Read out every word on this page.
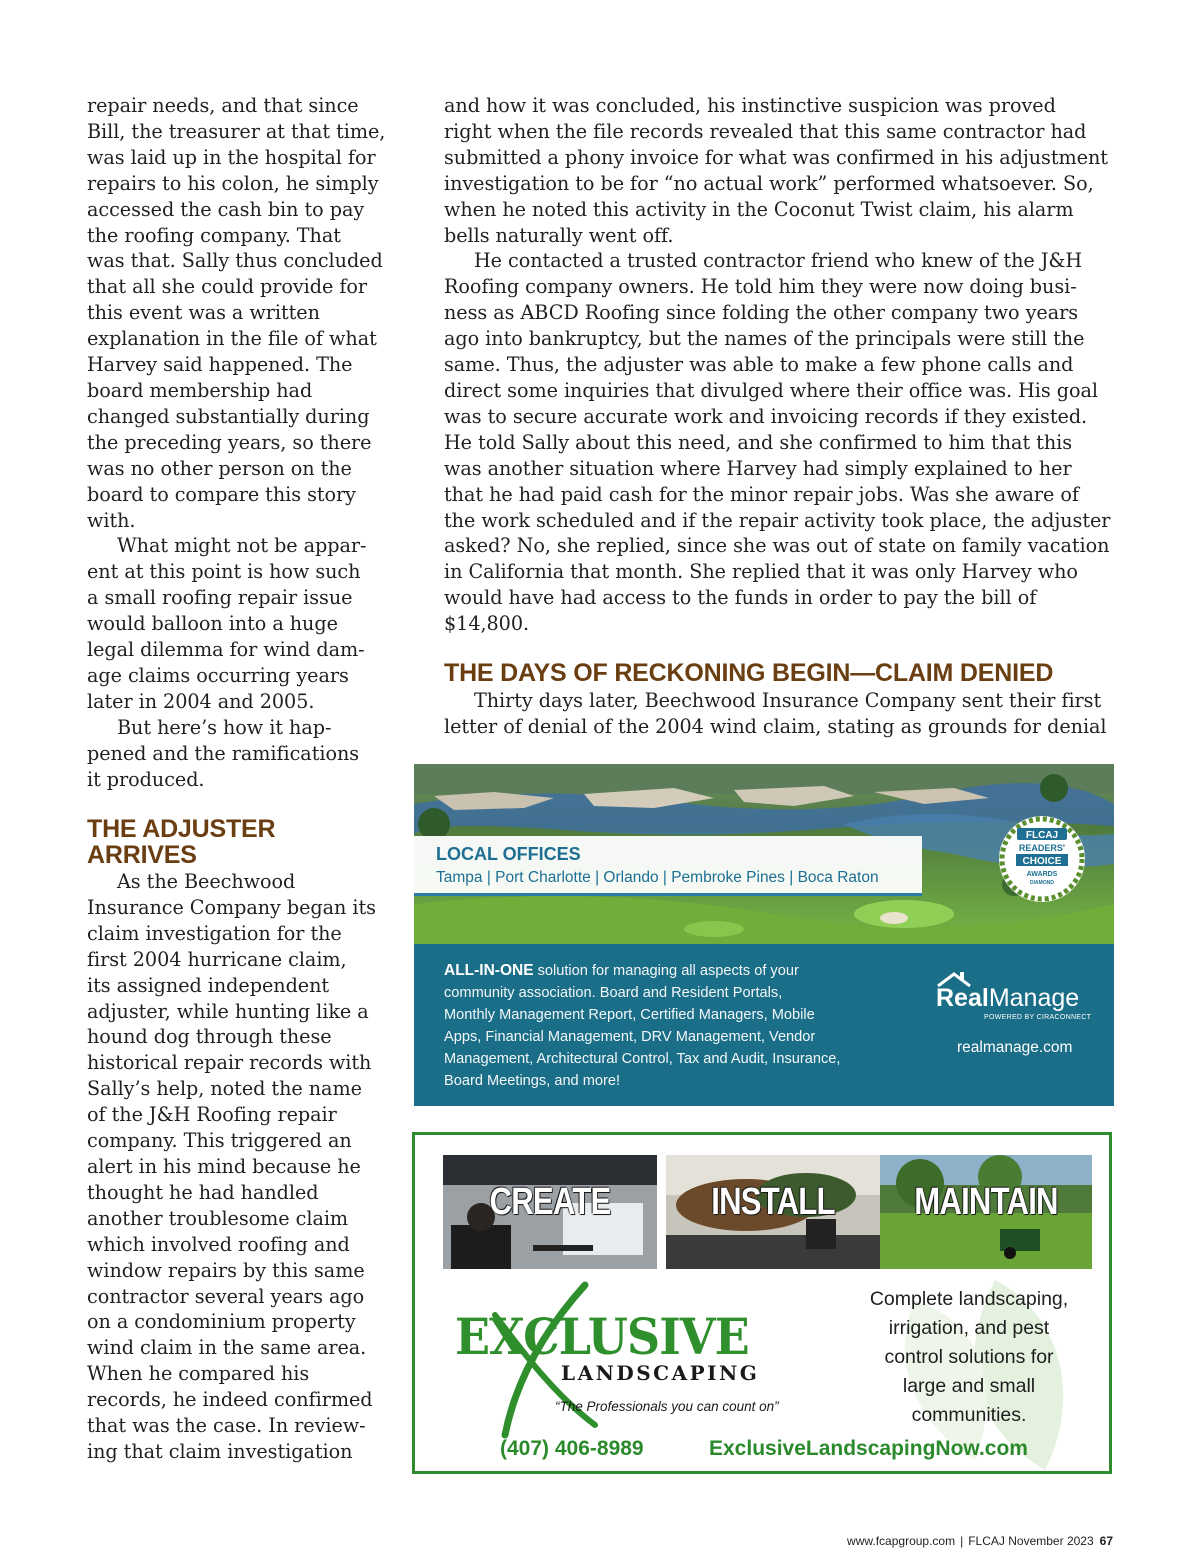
repair needs, and that since
Bill, the treasurer at that time,
was laid up in the hospital for
repairs to his colon, he simply
accessed the cash bin to pay
the roofing company. That
was that. Sally thus concluded
that all she could provide for
this event was a written
explanation in the file of what
Harvey said happened. The
board membership had
changed substantially during
the preceding years, so there
was no other person on the
board to compare this story
with.
What might not be appar-
ent at this point is how such
a small roofing repair issue
would balloon into a huge
legal dilemma for wind dam-
age claims occurring years
later in 2004 and 2005.
But here’s how it hap-
pened and the ramifications
it produced.
THE ADJUSTER
ARRIVES
As the Beechwood
Insurance Company began its
claim investigation for the
first 2004 hurricane claim,
its assigned independent
adjuster, while hunting like a
hound dog through these
historical repair records with
Sally’s help, noted the name
of the J&H Roofing repair
company. This triggered an
alert in his mind because he
thought he had handled
another troublesome claim
which involved roofing and
window repairs by this same
contractor several years ago
on a condominium property
wind claim in the same area.
When he compared his
records, he indeed confirmed
that was the case. In review-
ing that claim investigation
and how it was concluded, his instinctive suspicion was proved
right when the file records revealed that this same contractor had
submitted a phony invoice for what was confirmed in his adjustment
investigation to be for “no actual work” performed whatsoever. So,
when he noted this activity in the Coconut Twist claim, his alarm
bells naturally went off.
He contacted a trusted contractor friend who knew of the J&H
Roofing company owners. He told him they were now doing busi-
ness as ABCD Roofing since folding the other company two years
ago into bankruptcy, but the names of the principals were still the
same. Thus, the adjuster was able to make a few phone calls and
direct some inquiries that divulged where their office was. His goal
was to secure accurate work and invoicing records if they existed.
He told Sally about this need, and she confirmed to him that this
was another situation where Harvey had simply explained to her
that he had paid cash for the minor repair jobs. Was she aware of
the work scheduled and if the repair activity took place, the adjuster
asked? No, she replied, since she was out of state on family vacation
in California that month. She replied that it was only Harvey who
would have had access to the funds in order to pay the bill of
$14,800.
THE DAYS OF RECKONING BEGIN—CLAIM DENIED
Thirty days later, Beechwood Insurance Company sent their first
letter of denial of the 2004 wind claim, stating as grounds for denial
LOCAL OFFICES
Tampa | Port Charlotte | Orlando | Pembroke Pines | Boca Raton
FLCAJ
READERS'
CHOICE
AWARDS
DIAMOND
ALL-IN-ONE solution for managing all aspects of your
community association. Board and Resident Portals,
Monthly Management Report, Certified Managers, Mobile
Apps, Financial Management, DRV Management, Vendor
Management, Architectural Control, Tax and Audit, Insurance,
Board Meetings, and more!
RealManage
POWERED BY CIRACONNECT
realmanage.com
CREATE	INSTALL	MAINTAIN
EXCLUSIVE
LANDSCAPING
“The Professionals you can count on”
Complete landscaping,
irrigation, and pest
control solutions for
large and small
communities.
(407) 406-8989	ExclusiveLandscapingNow.com
www.fcapgroup.com | FLCAJ November 2023 67
